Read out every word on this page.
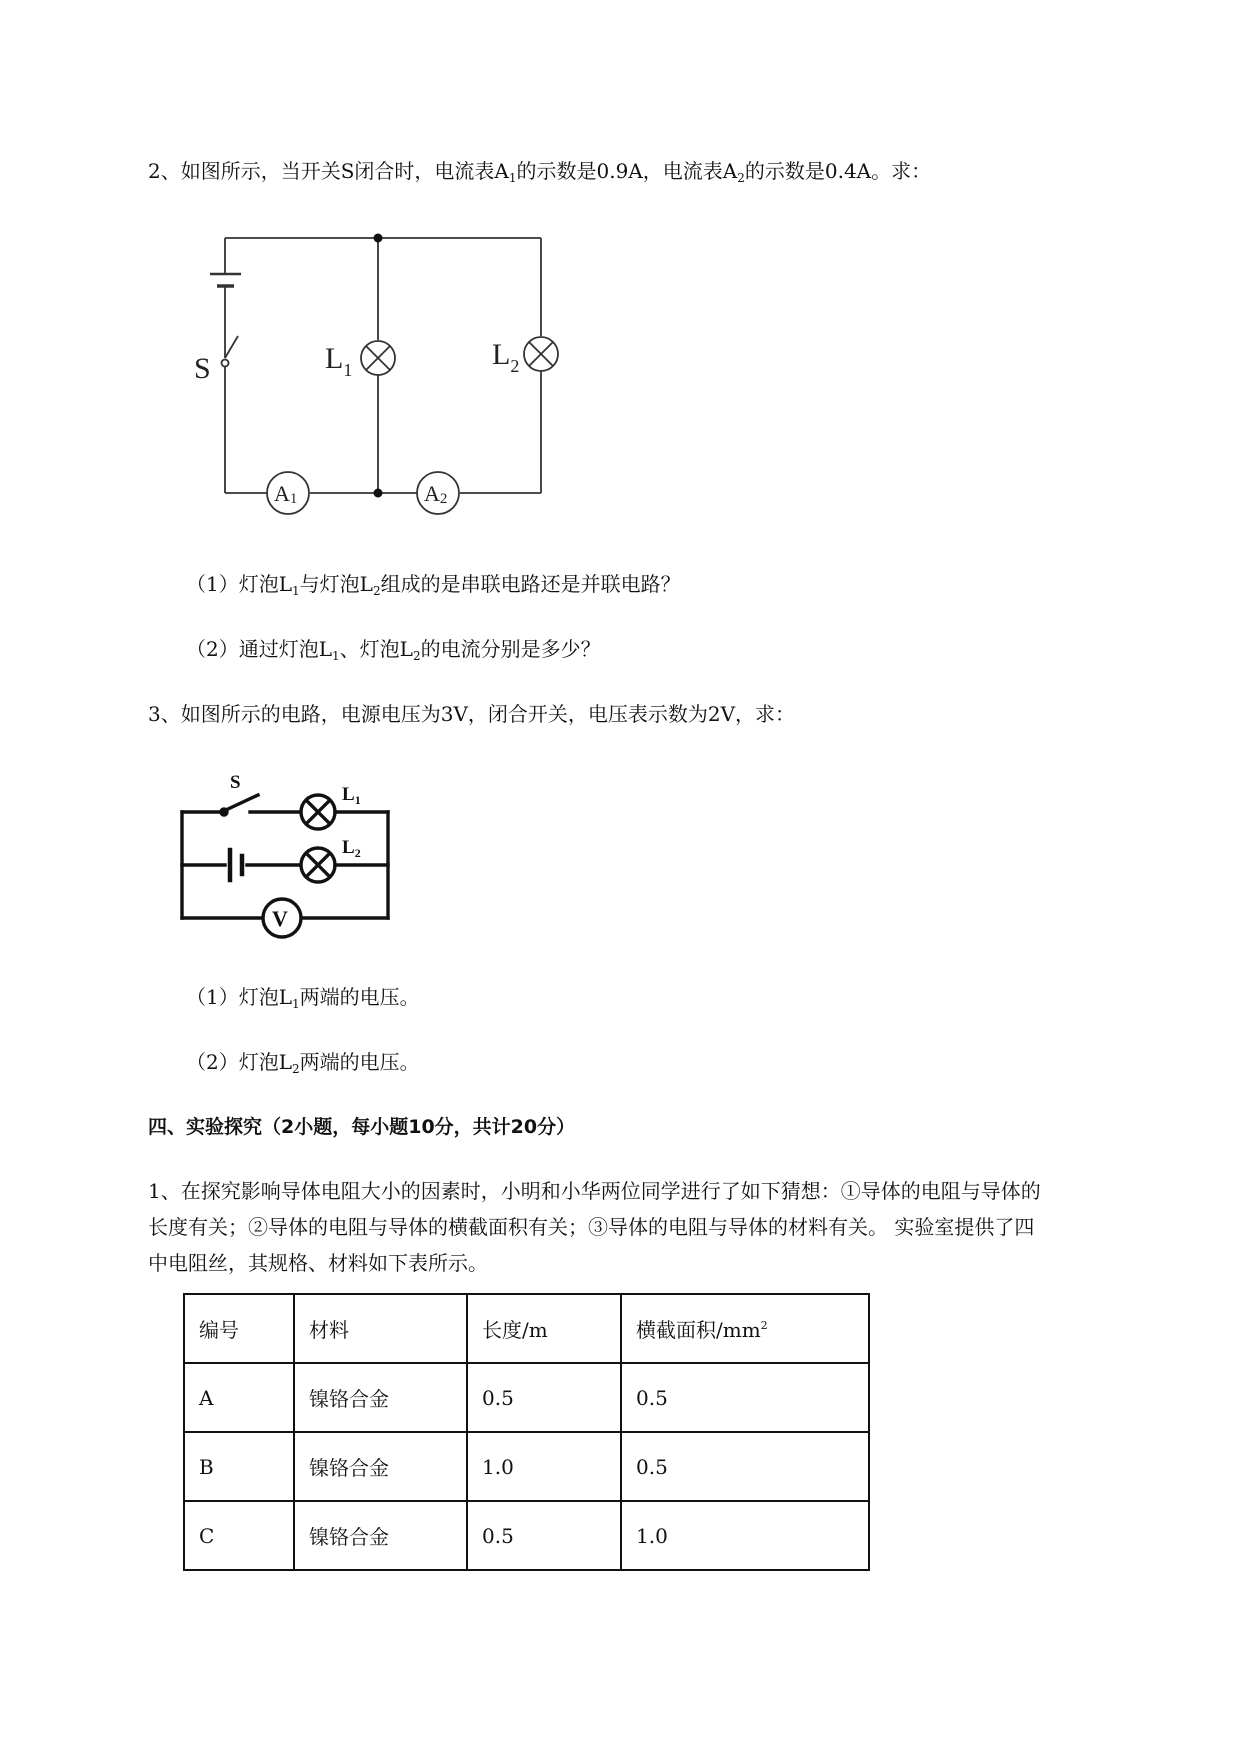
2、如图所示，当开关S闭合时，电流表$A_1$的示数是0.9A，电流表$A_2$的示数是0.4A。求：
S	$L_1$	$L_2$
A1	A2
（1）灯泡$L_1$与灯泡$L_2$组成的是串联电路还是并联电路？
（2）通过灯泡$L_1$、灯泡$L_2$的电流分别是多少？
3、如图所示的电路，电源电压为3V，闭合开关，电压表示数为2V，求：
S
$L_1$
$L_2$
V
（1）灯泡$L_1$两端的电压。
（2）灯泡$L_2$两端的电压。
四、实验探究（2小题，每小题10分，共计20分）
1、在探究影响导体电阻大小的因素时，小明和小华两位同学进行了如下猜想：①导体的电阻与导体的
长度有关；②导体的电阻与导体的横截面积有关；③导体的电阻与导体的材料有关。 实验室提供了四
中电阻丝，其规格、材料如下表所示。
编号	材料	长度/m	横截面积$/mm^2$
A	镍铬合金	0.5	0.5
B	镍铬合金	1.0	0.5
C	镍铬合金	0.5	1.0
